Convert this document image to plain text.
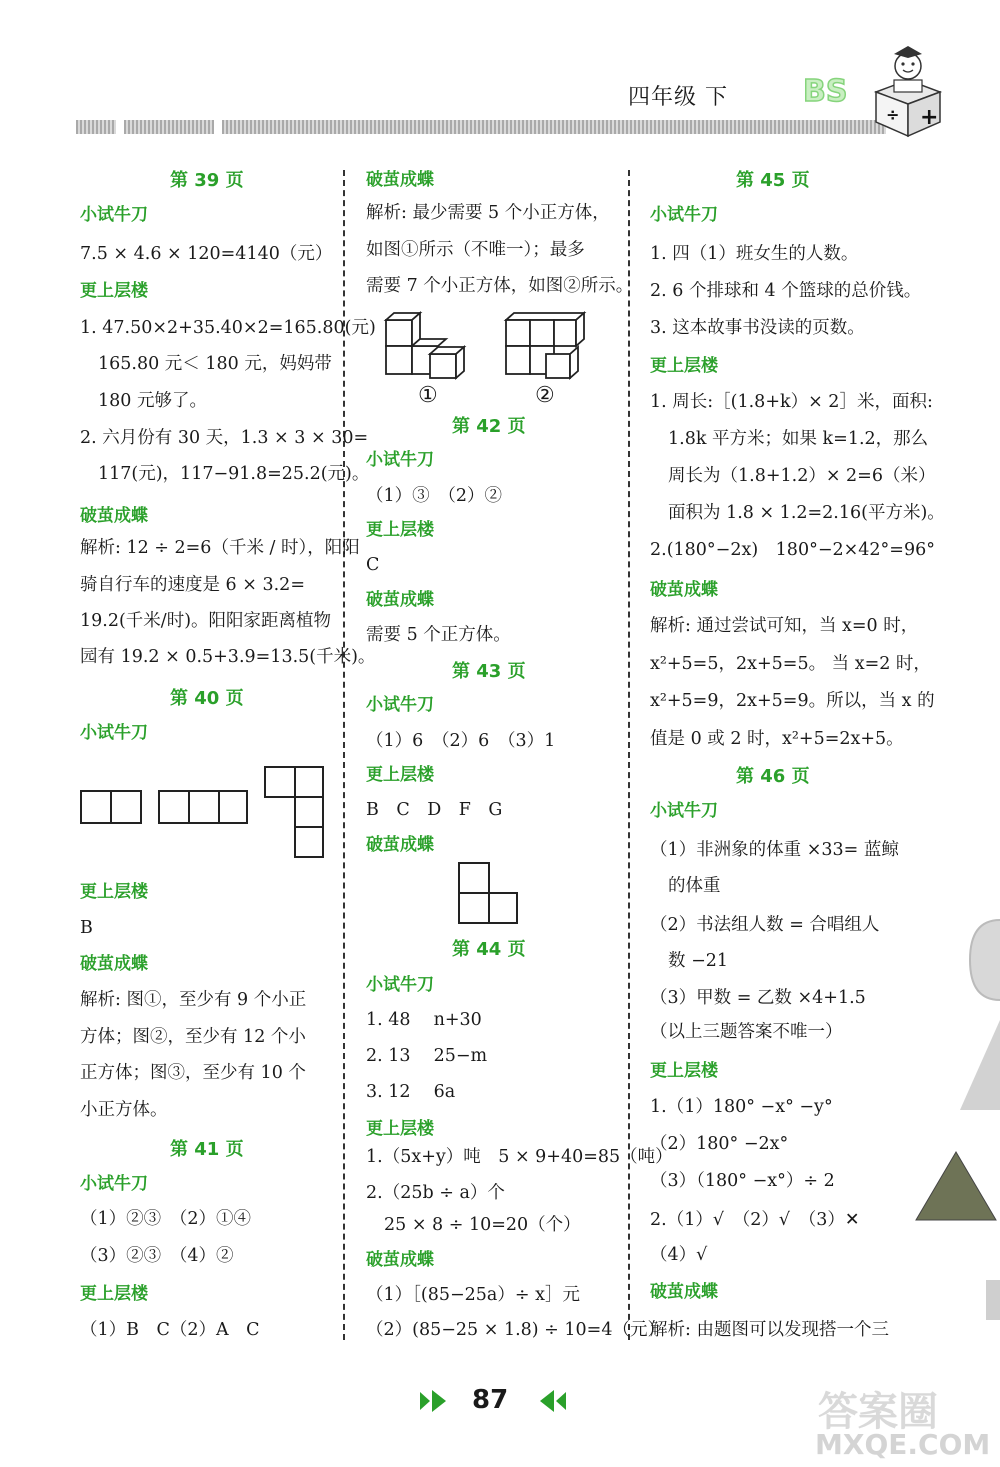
四年级 下	BS
+
÷
第 39 页
小试牛刀
7.5 × 4.6 × 120=4140（元）
更上层楼
1. 47.50×2+35.40×2=165.80(元)
165.80 元＜ 180 元，妈妈带
180 元够了。
2. 六月份有 30 天，1.3 × 3 × 30=
117(元)，117−91.8=25.2(元)。
破茧成蝶
解析: 12 ÷ 2=6（千米 / 时），阳阳
骑自行车的速度是 6 × 3.2=
19.2(千米/时)。阳阳家距离植物
园有 19.2 × 0.5+3.9=13.5(千米)。
第 40 页
小试牛刀
更上层楼
B
破茧成蝶
解析: 图①，至少有 9 个小正
方体；图②，至少有 12 个小
正方体；图③，至少有 10 个
小正方体。
第 41 页
小试牛刀
（1）②③　（2）①④
（3）②③　（4）②
更上层楼
（1）B　C（2）A　C
破茧成蝶
解析: 最少需要 5 个小正方体，
如图①所示（不唯一）；最多
需要 7 个小正方体，如图②所示。
①	②
第 42 页
小试牛刀
（1）③　（2）②
更上层楼
C
破茧成蝶
需要 5 个正方体。
第 43 页
小试牛刀
（1）6　（2）6　（3）1
更上层楼
B　C　D　F　G
破茧成蝶
第 44 页
小试牛刀
1. 48　 n+30
2. 13　 25−m
3. 12　 6a
更上层楼
1.（5x+y）吨　5 × 9+40=85（吨）
2.（25b ÷ a）个
25 × 8 ÷ 10=20（个）
破茧成蝶
（1）［(85−25a）÷ x］元
（2）(85−25 × 1.8) ÷ 10=4（元）
第 45 页
小试牛刀
1. 四（1）班女生的人数。
2. 6 个排球和 4 个篮球的总价钱。
3. 这本故事书没读的页数。
更上层楼
1. 周长:［(1.8+k）× 2］米，面积:
1.8k 平方米；如果 k=1.2，那么
周长为（1.8+1.2）× 2=6（米）
面积为 1.8 × 1.2=2.16(平方米)。
2.(180°−2x)　180°−2×42°=96°
破茧成蝶
解析: 通过尝试可知，当 x=0 时，
x²+5=5，2x+5=5。 当 x=2 时，
x²+5=9，2x+5=9。所以，当 x 的
值是 0 或 2 时，x²+5=2x+5。
第 46 页
小试牛刀
（1）非洲象的体重 ×33= 蓝鲸
的体重
（2）书法组人数 = 合唱组人
数 −21
（3）甲数 = 乙数 ×4+1.5
（以上三题答案不唯一）
更上层楼
1.（1）180° −x° −y°
（2）180° −2x°
（3）（180° −x°）÷ 2
2.（1）√　（2）√　（3）✕
（4）√
破茧成蝶
解析: 由题图可以发现搭一个三
87	答案圈
MXQE.COM
